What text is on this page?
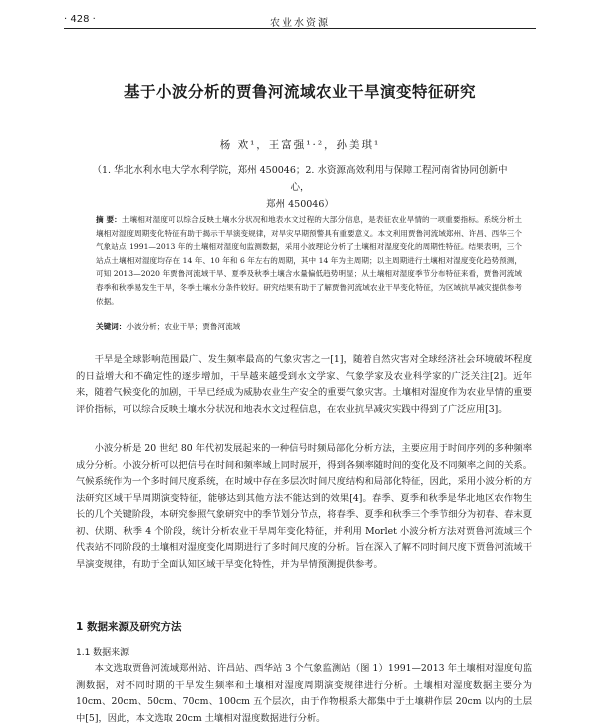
· 428 ·	农业水资源
基于小波分析的贾鲁河流域农业干旱演变特征研究
杨 欢¹，王富强¹·²，孙美琪¹
（1. 华北水利水电大学水利学院，郑州 450046；2. 水资源高效利用与保障工程河南省协同创新中心，
郑州 450046）
摘 要：土壤相对湿度可以综合反映土壤水分状况和地表水文过程的大部分信息，是表征农业旱情的一项重要指标。系统分析土壤相对湿度周期变化特征有助于揭示干旱演变规律，对旱灾早期预警具有重要意义。本文利用贾鲁河流域郑州、许昌、西华三个气象站点 1991—2013 年的土壤相对湿度旬监测数据，采用小波理论分析了土壤相对湿度变化的周期性特征。结果表明，三个站点土壤相对湿度均存在 14 年、10 年和 6 年左右的周期，其中 14 年为主周期；以主周期进行土壤相对湿度变化趋势预测，可知 2013—2020 年贾鲁河流域干旱、夏季及秋季土壤含水量偏低趋势明显；从土壤相对湿度季节分布特征来看，贾鲁河流域春季和秋季易发生干旱，冬季土壤水分条件较好。研究结果有助于了解贾鲁河流域农业干旱变化特征，为区域抗旱减灾提供参考依据。
关键词：小波分析；农业干旱；贾鲁河流域

干旱是全球影响范围最广、发生频率最高的气象灾害之一[1]，随着自然灾害对全球经济社会环境破坏程度的日益增大和不确定性的逐步增加，干旱越来越受到水文学家、气象学家及农业科学家的广泛关注[2]。近年来，随着气候变化的加剧，干旱已经成为威胁农业生产安全的重要气象灾害。土壤相对湿度作为农业旱情的重要评价指标，可以综合反映土壤水分状况和地表水文过程信息，在农业抗旱减灾实践中得到了广泛应用[3]。

小波分析是 20 世纪 80 年代初发展起来的一种信号时频局部化分析方法，主要应用于时间序列的多种频率成分分析。小波分析可以把信号在时间和频率域上同时展开，得到各频率随时间的变化及不同频率之间的关系。气候系统作为一个多时间尺度系统，在时域中存在多层次时间尺度结构和局部化特征，因此，采用小波分析的方法研究区域干旱周期演变特征，能够达到其他方法不能达到的效果[4]。春季、夏季和秋季是华北地区农作物生长的几个关键阶段，本研究参照气象研究中的季节划分节点，将春季、夏季和秋季三个季节细分为初春、春末夏初、伏期、秋季 4 个阶段，统计分析农业干旱周年变化特征，并利用 Morlet 小波分析方法对贾鲁河流域三个代表站不同阶段的土壤相对湿度变化周期进行了多时间尺度的分析。旨在深入了解不同时间尺度下贾鲁河流域干旱演变规律，有助于全面认知区域干旱变化特性，并为旱情预测提供参考。

1 数据来源及研究方法
1.1 数据来源

本文选取贾鲁河流域郑州站、许昌站、西华站 3 个气象监测站（图 1）1991—2013 年土壤相对湿度旬监测数据，对不同时期的干旱发生频率和土壤相对湿度周期演变规律进行分析。土壤相对湿度数据主要分为 10cm、20cm、50cm、70cm、100cm 五个层次，由于作物根系大都集中于土壤耕作层 20cm 以内的土层中[5]，因此，本文选取 20cm 土壤相对湿度数据进行分析。
